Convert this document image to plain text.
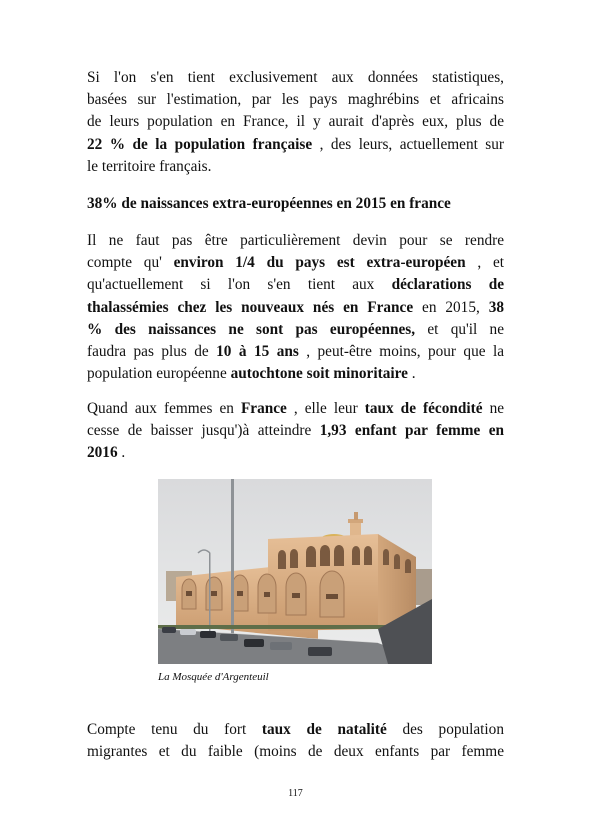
Si l'on s'en tient exclusivement aux données statistiques,
basées sur l'estimation, par les pays maghrébins et africains
de leurs population en France, il y aurait d'après eux, plus de
22 % de la population française , des leurs, actuellement sur
le territoire français.
38% de naissances extra-européennes en 2015 en france
Il ne faut pas être particulièrement devin pour se rendre
compte qu' environ 1/4 du pays est extra-européen , et
qu'actuellement si l'on s'en tient aux déclarations de
thalassémies chez les nouveaux nés en France en 2015, 38
% des naissances ne sont pas européennes, et qu'il ne
faudra pas plus de 10 à 15 ans , peut-être moins, pour que la
population européenne autochtone soit minoritaire .
Quand aux femmes en France , elle leur taux de fécondité ne
cesse de baisser jusqu')à atteindre 1,93 enfant par femme en
2016 .
La Mosquée d'Argenteuil
Compte tenu du fort taux de natalité des population
migrantes et du faible (moins de deux enfants par femme
117
